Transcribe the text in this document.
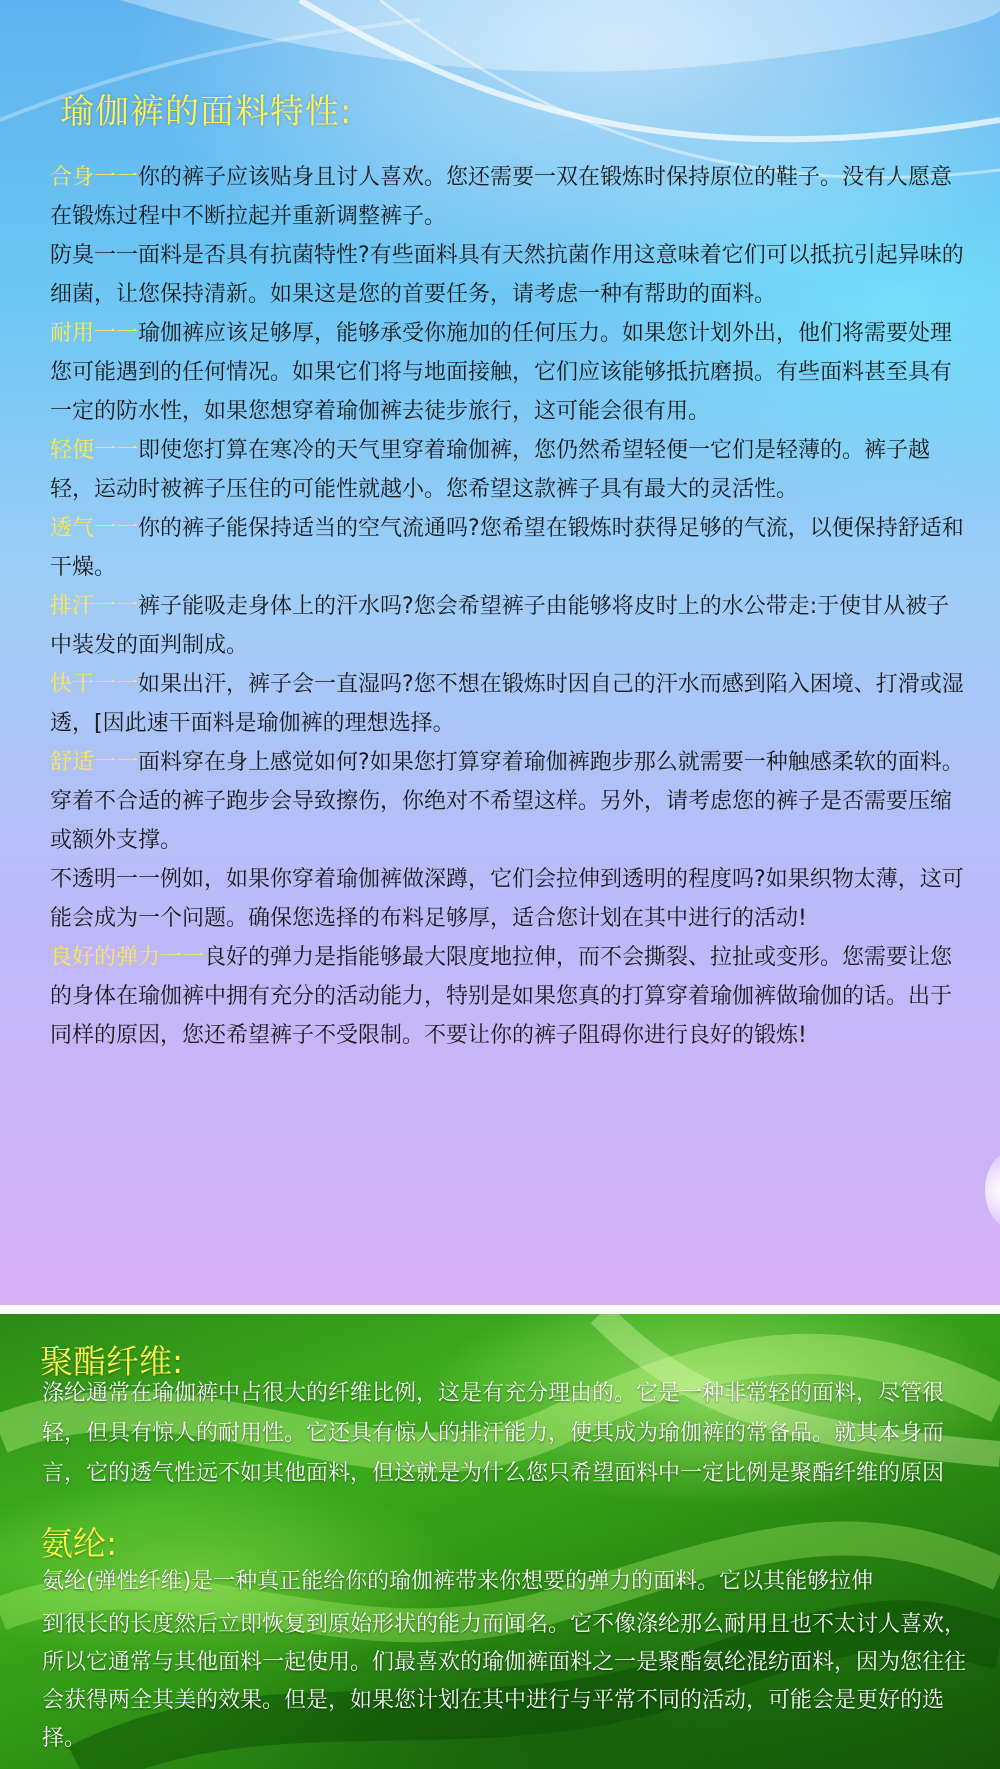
瑜伽裤的面料特性:

合身一一你的裤子应该贴身且讨人喜欢。您还需要一双在锻炼时保持原位的鞋子。没有人愿意在锻炼过程中不断拉起并重新调整裤子。

防臭一一面料是否具有抗菌特性?有些面料具有天然抗菌作用这意味着它们可以抵抗引起异味的细菌，让您保持清新。如果这是您的首要任务，请考虑一种有帮助的面料。

耐用一一瑜伽裤应该足够厚，能够承受你施加的任何压力。如果您计划外出，他们将需要处理您可能遇到的任何情况。如果它们将与地面接触，它们应该能够抵抗磨损。有些面料甚至具有一定的防水性，如果您想穿着瑜伽裤去徒步旅行，这可能会很有用。

轻便一一即使您打算在寒冷的天气里穿着瑜伽裤，您仍然希望轻便一它们是轻薄的。裤子越轻，运动时被裤子压住的可能性就越小。您希望这款裤子具有最大的灵活性。

透气一一你的裤子能保持适当的空气流通吗?您希望在锻炼时获得足够的气流，以便保持舒适和干燥。

排汗一一裤子能吸走身体上的汗水吗?您会希望裤子由能够将皮时上的水公带走:于使甘从被子中装发的面判制成。

快干一一如果出汗，裤子会一直湿吗?您不想在锻炼时因自己的汗水而感到陷入困境、打滑或湿透，[因此速干面料是瑜伽裤的理想选择。

舒适一一面料穿在身上感觉如何?如果您打算穿着瑜伽裤跑步那么就需要一种触感柔软的面料。穿着不合适的裤子跑步会导致擦伤，你绝对不希望这样。另外，请考虑您的裤子是否需要压缩或额外支撑。

不透明一一例如，如果你穿着瑜伽裤做深蹲，它们会拉伸到透明的程度吗?如果织物太薄，这可能会成为一个问题。确保您选择的布料足够厚，适合您计划在其中进行的活动!

良好的弹力一一良好的弹力是指能够最大限度地拉伸，而不会撕裂、拉扯或变形。您需要让您的身体在瑜伽裤中拥有充分的活动能力，特别是如果您真的打算穿着瑜伽裤做瑜伽的话。出于同样的原因，您还希望裤子不受限制。不要让你的裤子阻碍你进行良好的锻炼!

聚酯纤维:
涤纶通常在瑜伽裤中占很大的纤维比例，这是有充分理由的。它是一种非常轻的面料，尽管很轻，但具有惊人的耐用性。它还具有惊人的排汗能力，使其成为瑜伽裤的常备品。就其本身而言，它的透气性远不如其他面料，但这就是为什么您只希望面料中一定比例是聚酯纤维的原因
氨纶:
氨纶(弹性纤维)是一种真正能给你的瑜伽裤带来你想要的弹力的面料。它以其能够拉伸
到很长的长度然后立即恢复到原始形状的能力而闻名。它不像涤纶那么耐用且也不太讨人喜欢，所以它通常与其他面料一起使用。们最喜欢的瑜伽裤面料之一是聚酯氨纶混纺面料，因为您往往会获得两全其美的效果。但是，如果您计划在其中进行与平常不同的活动，可能会是更好的选择。
